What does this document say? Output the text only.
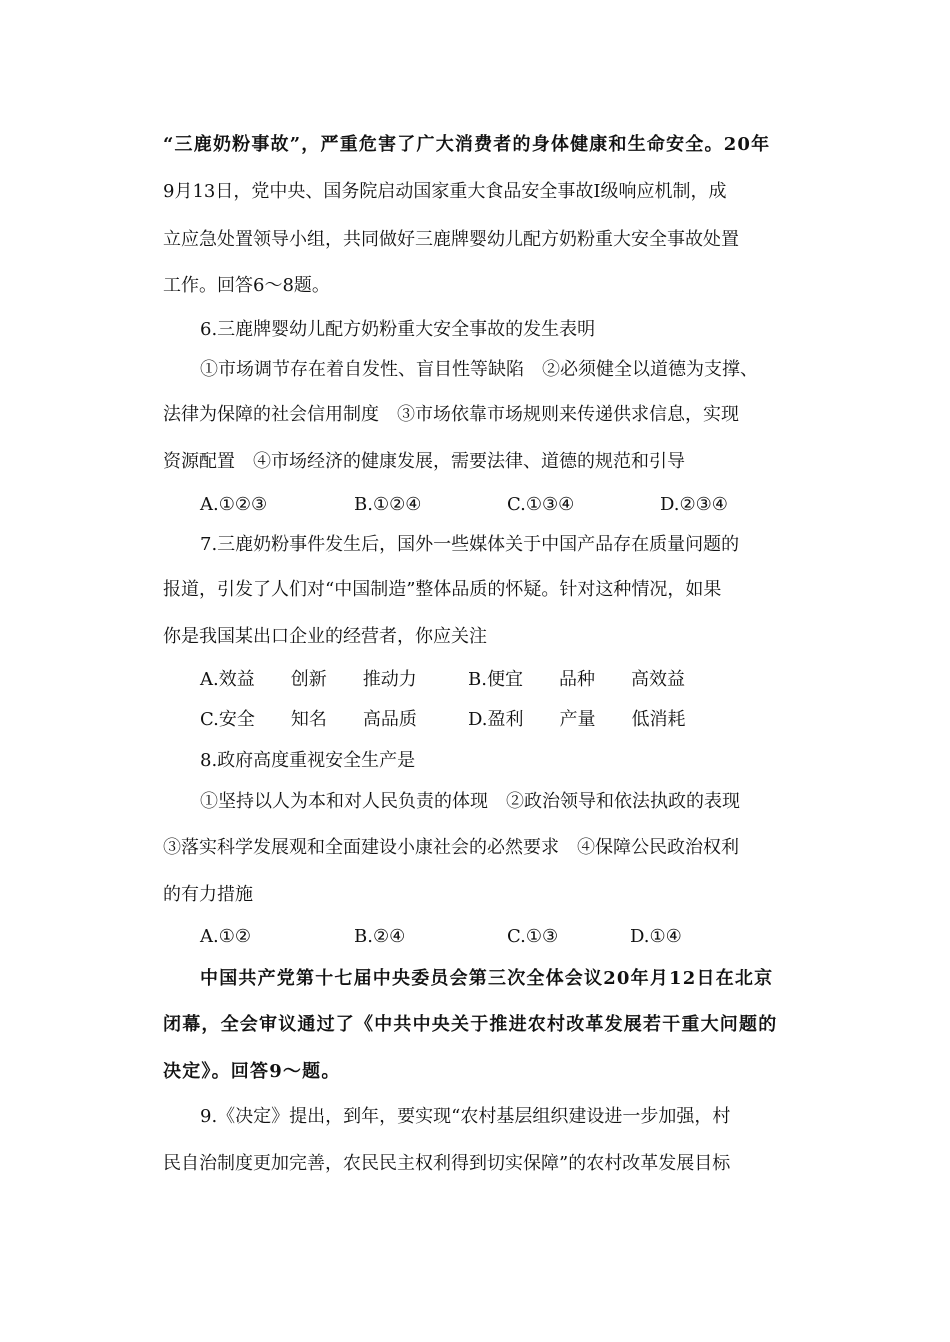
“三鹿奶粉事故”，严重危害了广大消费者的身体健康和生命安全。20年
9月13日，党中央、国务院启动国家重大食品安全事故Ⅰ级响应机制，成
立应急处置领导小组，共同做好三鹿牌婴幼儿配方奶粉重大安全事故处置
工作。回答6～8题。
6.三鹿牌婴幼儿配方奶粉重大安全事故的发生表明
①市场调节存在着自发性、盲目性等缺陷　②必须健全以道德为支撑、
法律为保障的社会信用制度　③市场依靠市场规则来传递供求信息，实现
资源配置　④市场经济的健康发展，需要法律、道德的规范和引导
A.①②③	B.①②④	C.①③④	D.②③④
7.三鹿奶粉事件发生后，国外一些媒体关于中国产品存在质量问题的
报道，引发了人们对“中国制造”整体品质的怀疑。针对这种情况，如果
你是我国某出口企业的经营者，你应关注
A.效益　　创新　　推动力	B.便宜　　品种　　高效益
C.安全　　知名　　高品质	D.盈利　　产量　　低消耗
8.政府高度重视安全生产是
①坚持以人为本和对人民负责的体现　②政治领导和依法执政的表现
③落实科学发展观和全面建设小康社会的必然要求　④保障公民政治权利
的有力措施
A.①②	B.②④	C.①③	D.①④
中国共产党第十七届中央委员会第三次全体会议20年月12日在北京
闭幕，全会审议通过了《中共中央关于推进农村改革发展若干重大问题的
决定》。回答9～题。
9.《决定》提出，到年，要实现“农村基层组织建设进一步加强，村
民自治制度更加完善，农民民主权利得到切实保障”的农村改革发展目标
